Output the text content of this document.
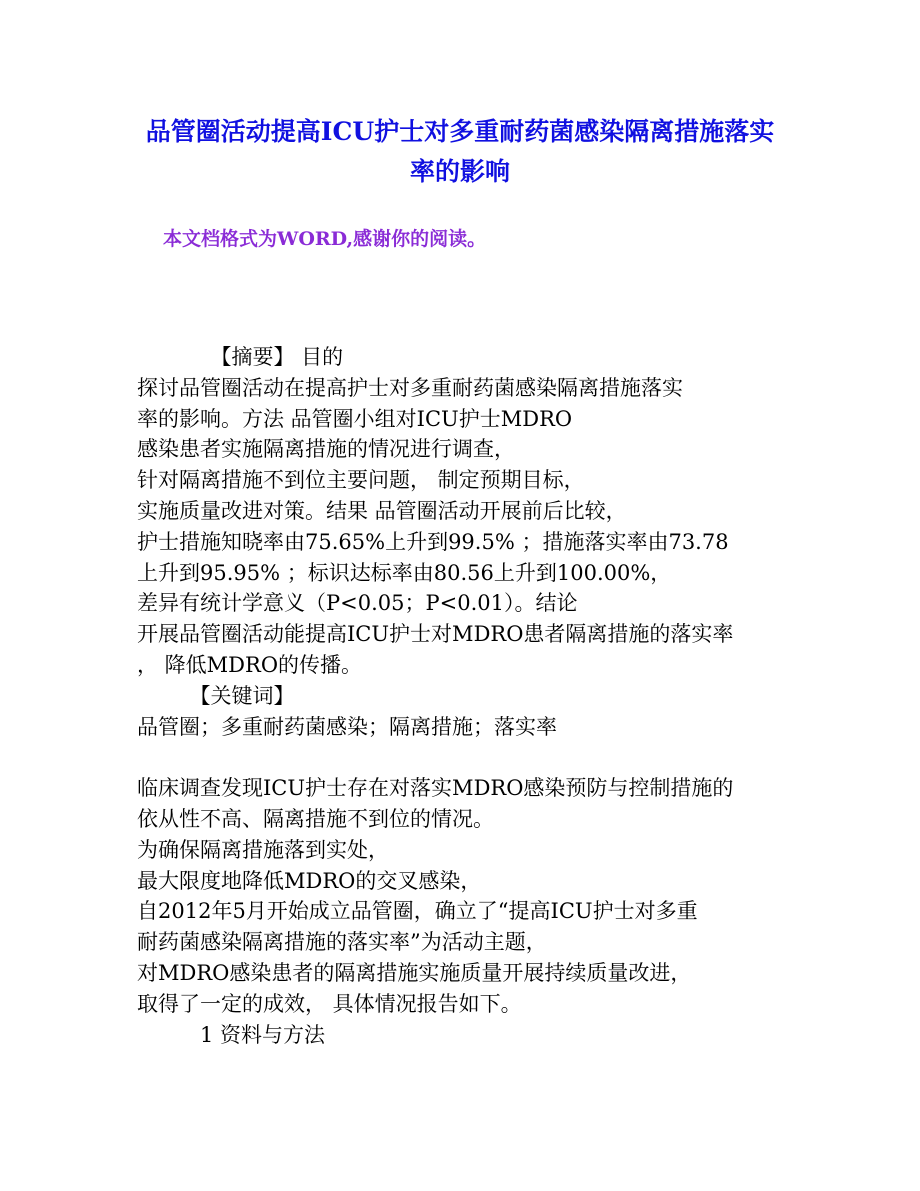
品管圈活动提高ICU护士对多重耐药菌感染隔离措施落实
率的影响
本文档格式为WORD,感谢你的阅读。
　　　　【摘要】 目的
探讨品管圈活动在提高护士对多重耐药菌感染隔离措施落实
率的影响。方法 品管圈小组对ICU护士MDRO
感染患者实施隔离措施的情况进行调查，
针对隔离措施不到位主要问题， 制定预期目标，
实施质量改进对策。结果 品管圈活动开展前后比较，
护士措施知晓率由75.65%上升到99.5% ；措施落实率由73.78
上升到95.95% ；标识达标率由80.56上升到100.00%，
差异有统计学意义（P<0.05；P<0.01）。结论
开展品管圈活动能提高ICU护士对MDRO患者隔离措施的落实率
， 降低MDRO的传播。
　　　【关键词】
品管圈；多重耐药菌感染；隔离措施；落实率
临床调查发现ICU护士存在对落实MDRO感染预防与控制措施的
依从性不高、隔离措施不到位的情况。
为确保隔离措施落到实处，
最大限度地降低MDRO的交叉感染，
自2012年5月开始成立品管圈，确立了“提高ICU护士对多重
耐药菌感染隔离措施的落实率”为活动主题，
对MDRO感染患者的隔离措施实施质量开展持续质量改进，
取得了一定的成效， 具体情况报告如下。
　　　1 资料与方法
